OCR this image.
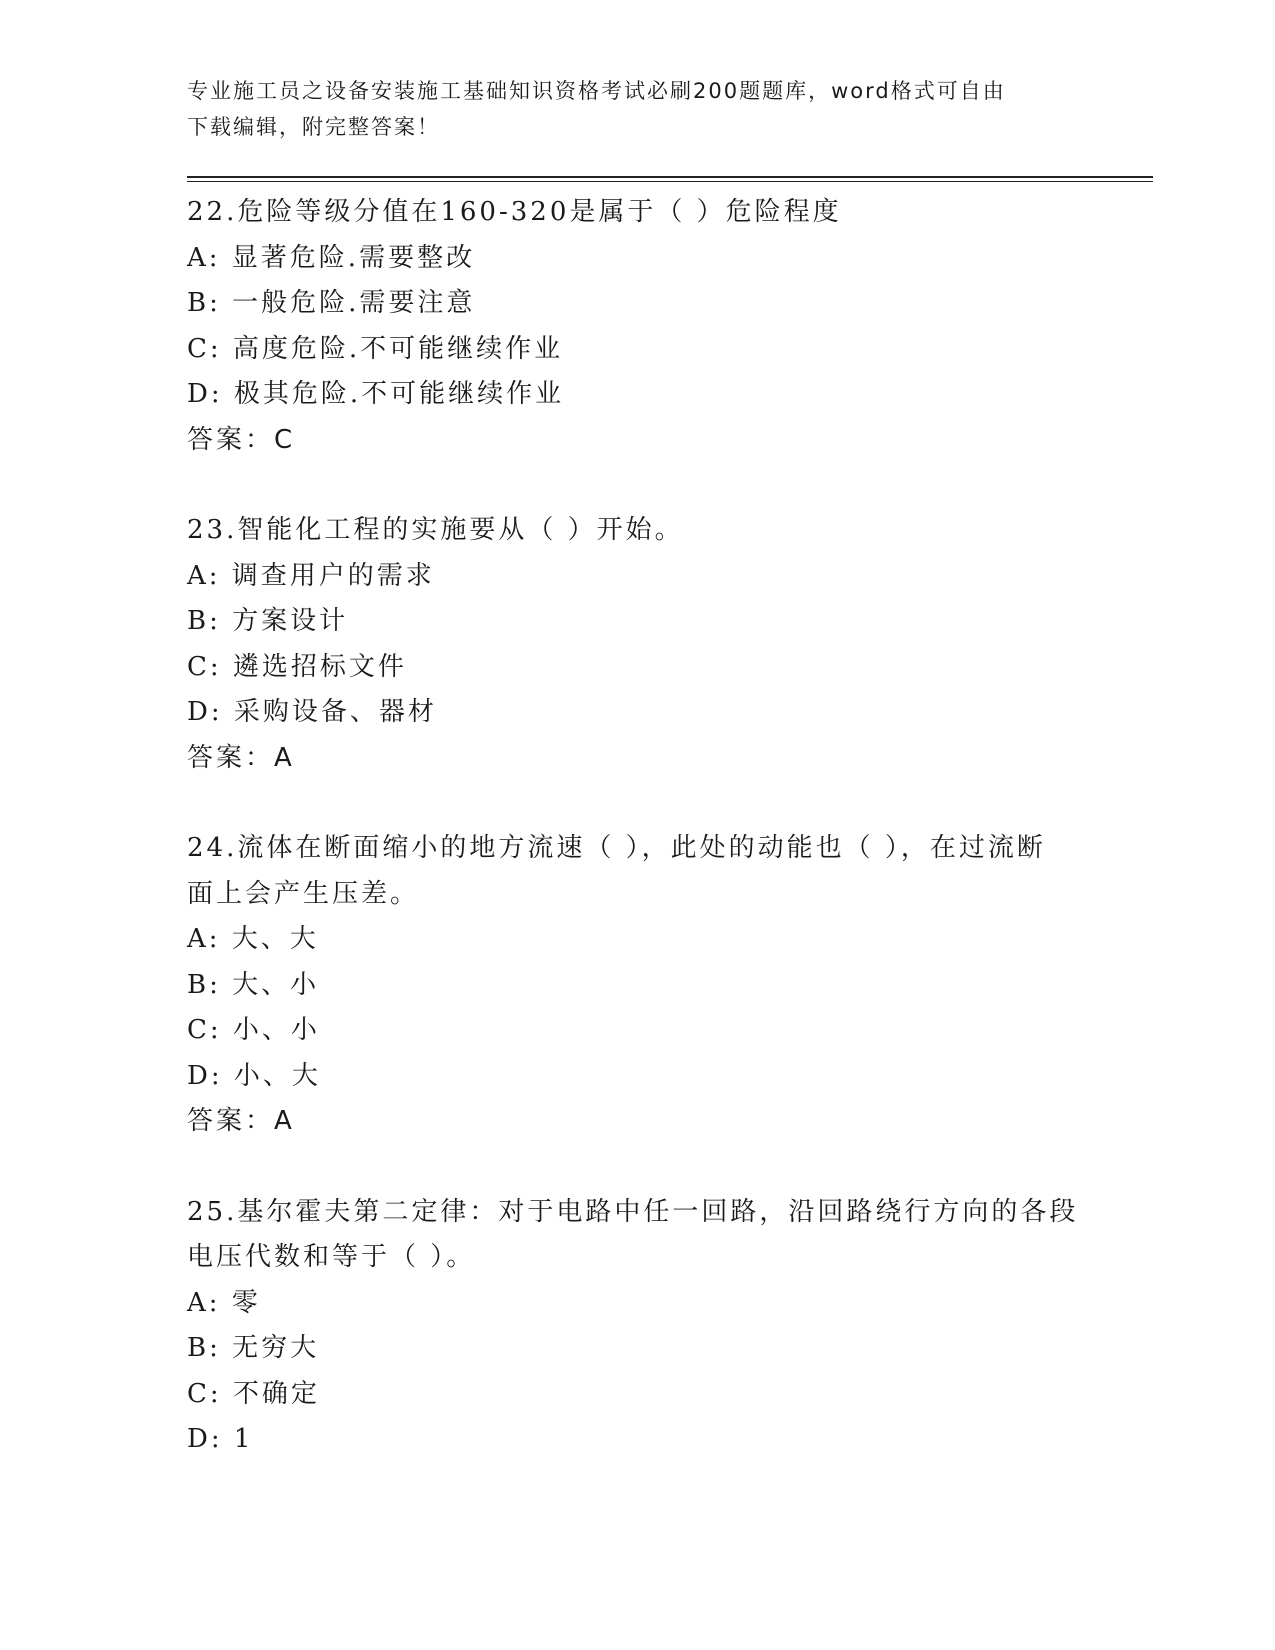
专业施工员之设备安装施工基础知识资格考试必刷200题题库，word格式可自由
下载编辑，附完整答案！
22.危险等级分值在160-320是属于（ ）危险程度
A: 显著危险.需要整改
B: 一般危险.需要注意
C: 高度危险.不可能继续作业
D: 极其危险.不可能继续作业
答案：C
23.智能化工程的实施要从（ ）开始。
A: 调查用户的需求
B: 方案设计
C: 遴选招标文件
D: 采购设备、器材
答案：A
24.流体在断面缩小的地方流速（ ），此处的动能也（ ），在过流断
面上会产生压差。
A: 大、大
B: 大、小
C: 小、小
D: 小、大
答案：A
25.基尔霍夫第二定律：对于电路中任一回路，沿回路绕行方向的各段
电压代数和等于（ ）。
A: 零
B: 无穷大
C: 不确定
D: 1
